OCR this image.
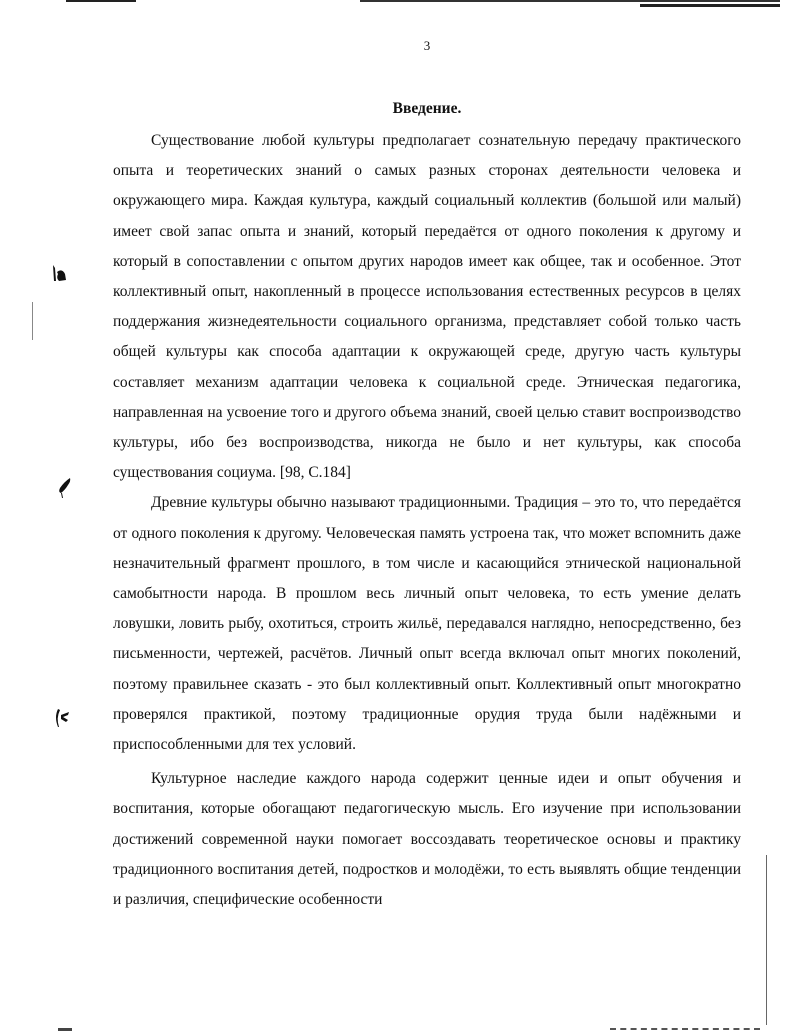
3
Введение.

Существование любой культуры предполагает сознательную передачу практического опыта и теоретических знаний о самых разных сторонах деятельности человека и окружающего мира. Каждая культура, каждый социальный коллектив (большой или малый) имеет свой запас опыта и знаний, который передаётся от одного поколения к другому и который в сопоставлении с опытом других народов имеет как общее, так и особенное. Этот коллективный опыт, накопленный в процессе использования естественных ресурсов в целях поддержания жизнедеятельности социального организма, представляет собой только часть общей культуры как способа адаптации к окружающей среде, другую часть культуры составляет механизм адаптации человека к социальной среде. Этническая педагогика, направленная на усвоение того и другого объема знаний, своей целью ставит воспроизводство культуры, ибо без воспроизводства, никогда не было и нет культуры, как способа существования социума. [98, С.184]

Древние культуры обычно называют традиционными. Традиция – это то, что передаётся от одного поколения к другому. Человеческая память устроена так, что может вспомнить даже незначительный фрагмент прошлого, в том числе и касающийся этнической национальной самобытности народа. В прошлом весь личный опыт человека, то есть умение делать ловушки, ловить рыбу, охотиться, строить жильё, передавался наглядно, непосредственно, без письменности, чертежей, расчётов. Личный опыт всегда включал опыт многих поколений, поэтому правильнее сказать - это был коллективный опыт. Коллективный опыт многократно проверялся практикой, поэтому традиционные орудия труда были надёжными и приспособленными для тех условий.

Культурное наследие каждого народа содержит ценные идеи и опыт обучения и воспитания, которые обогащают педагогическую мысль. Его изучение при использовании достижений современной науки помогает воссоздавать теоретическое основы и практику традиционного воспитания детей, подростков и молодёжи, то есть выявлять общие тенденции и различия, специфические особенности
